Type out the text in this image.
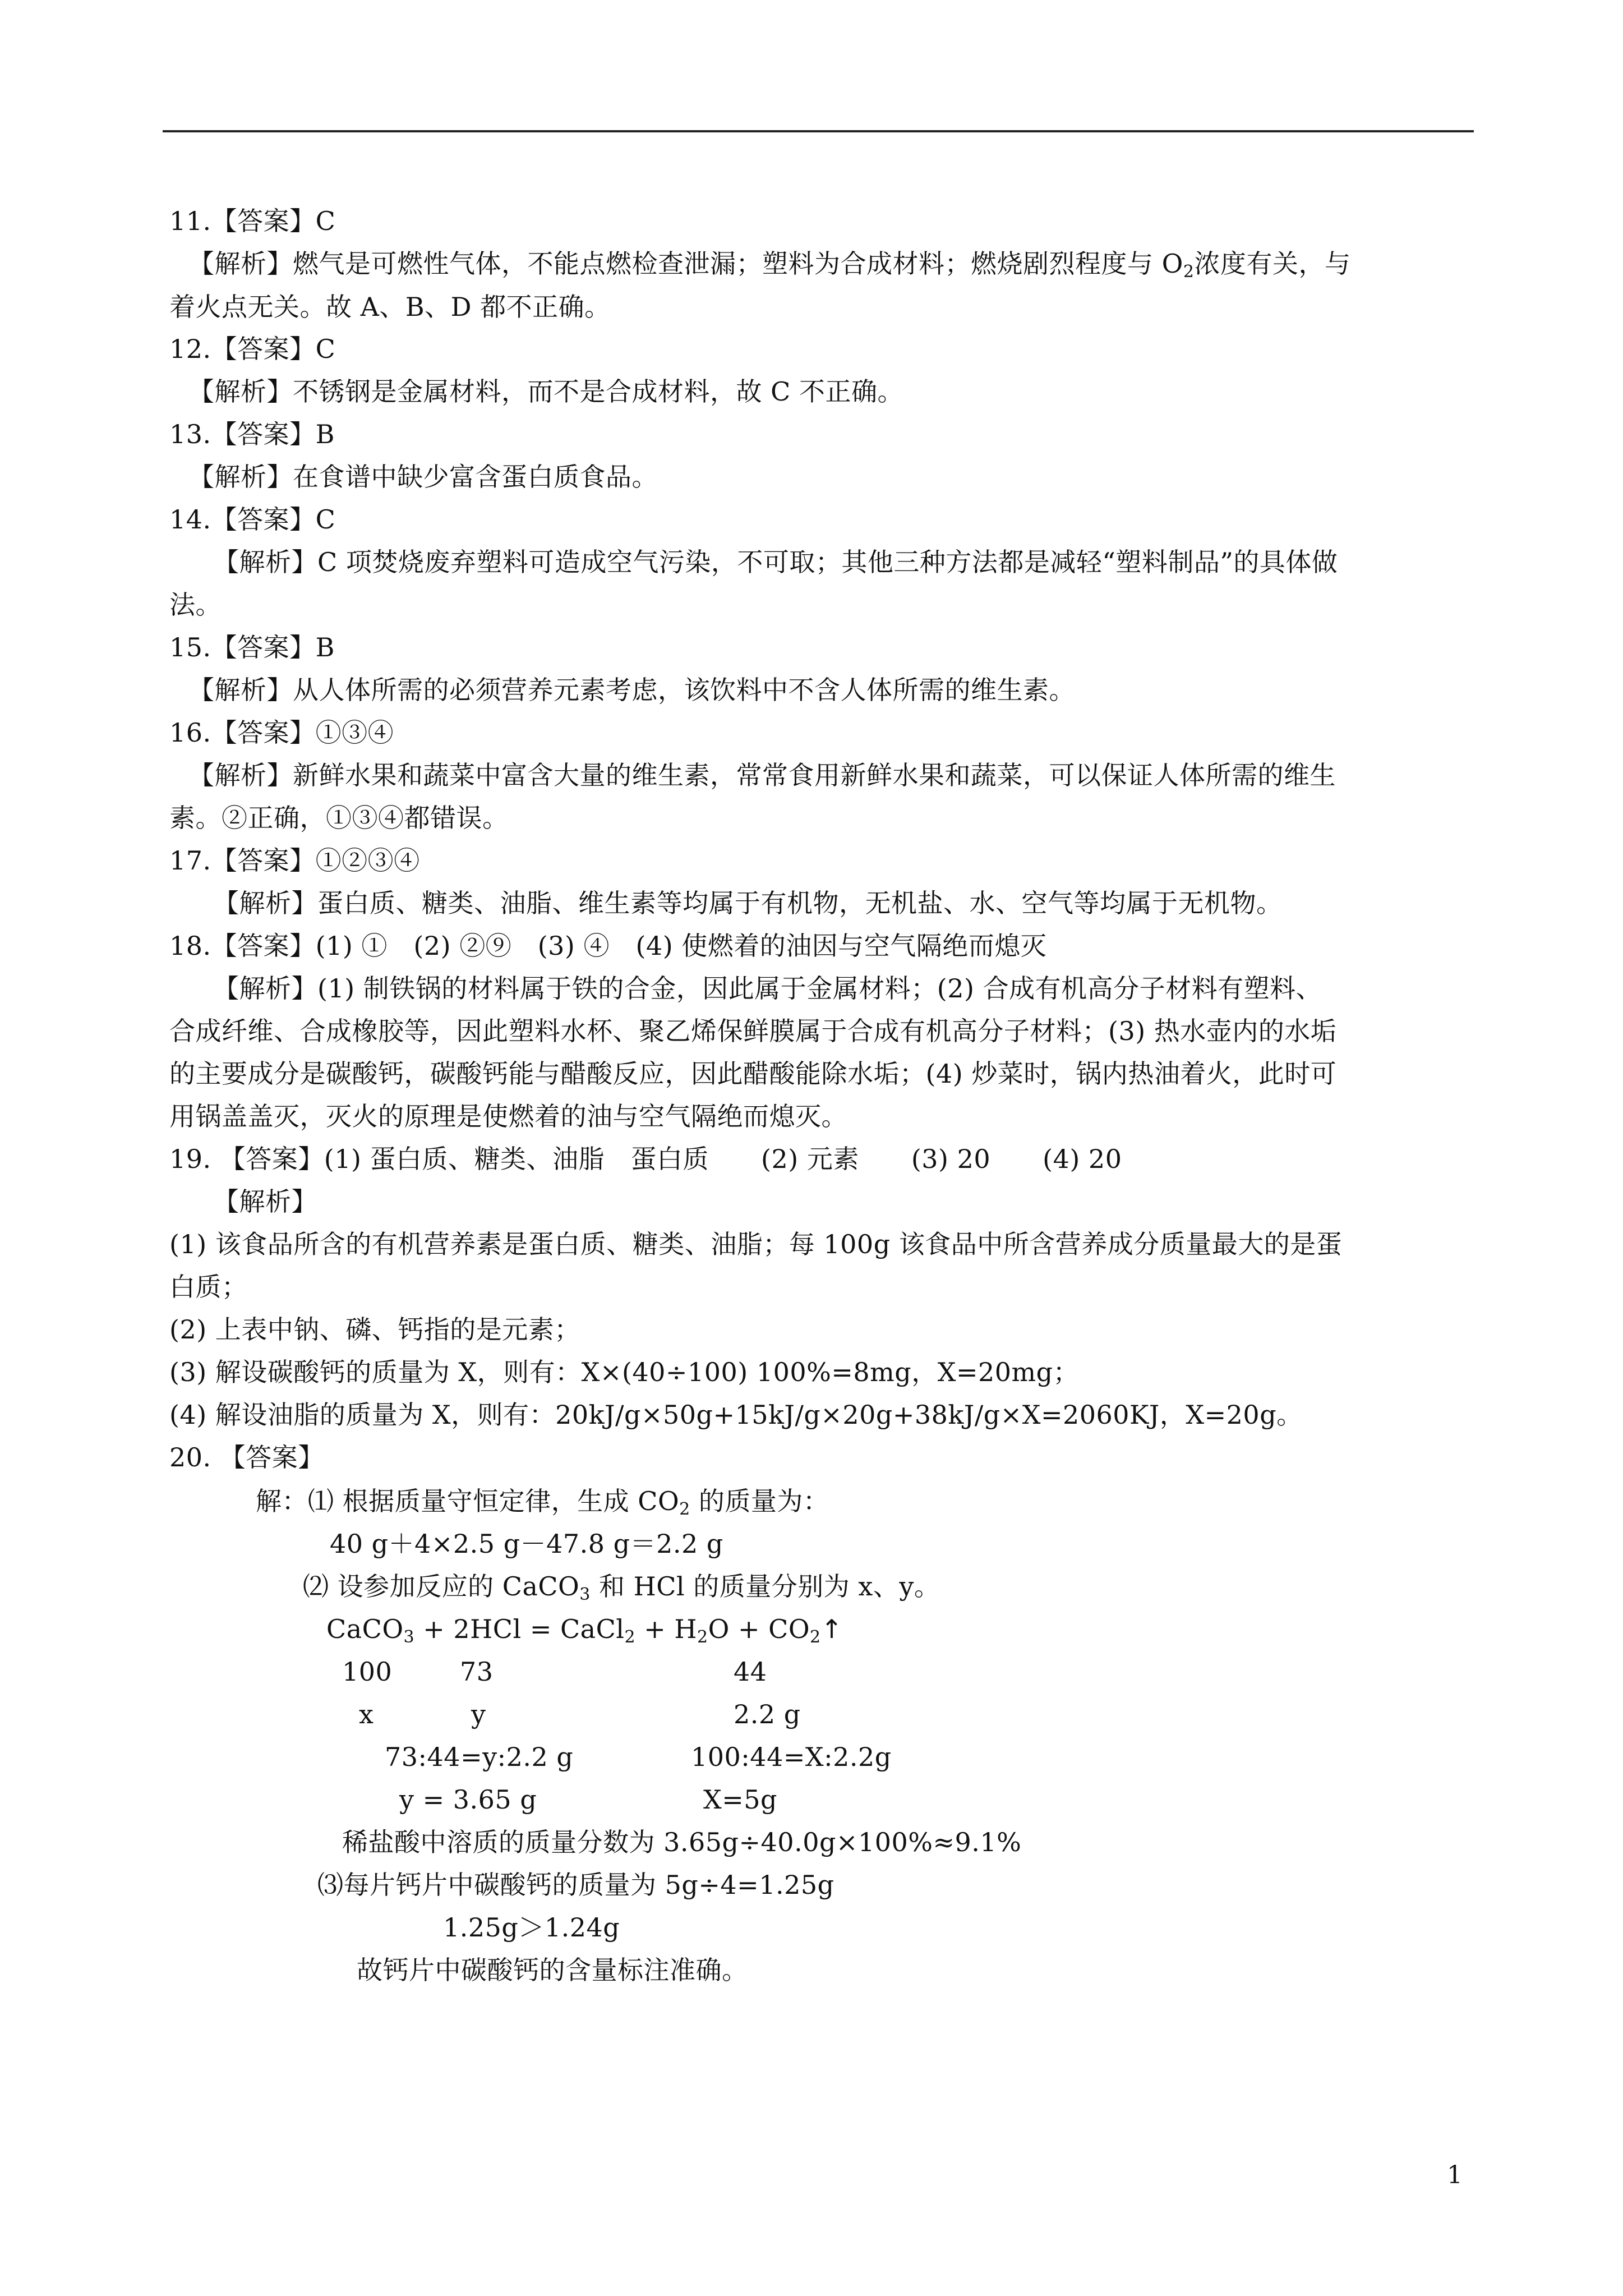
11.【答案】C
【解析】燃气是可燃性气体，不能点燃检查泄漏；塑料为合成材料；燃烧剧烈程度与 $O_2$浓度有关，与
着火点无关。故 A、B、D 都不正确。
12.【答案】C
【解析】不锈钢是金属材料，而不是合成材料，故 C 不正确。
13.【答案】B
【解析】在食谱中缺少富含蛋白质食品。
14.【答案】C
【解析】C 项焚烧废弃塑料可造成空气污染，不可取；其他三种方法都是减轻“塑料制品”的具体做
法。
15.【答案】B
【解析】从人体所需的必须营养元素考虑，该饮料中不含人体所需的维生素。
16.【答案】①③④
【解析】新鲜水果和蔬菜中富含大量的维生素，常常食用新鲜水果和蔬菜，可以保证人体所需的维生
素。②正确，①③④都错误。
17.【答案】①②③④
【解析】蛋白质、糖类、油脂、维生素等均属于有机物，无机盐、水、空气等均属于无机物。
18.【答案】(1) ①　(2) ②⑨　(3) ④　(4) 使燃着的油因与空气隔绝而熄灭
【解析】(1) 制铁锅的材料属于铁的合金，因此属于金属材料；(2) 合成有机高分子材料有塑料、
合成纤维、合成橡胶等，因此塑料水杯、聚乙烯保鲜膜属于合成有机高分子材料；(3) 热水壶内的水垢
的主要成分是碳酸钙，碳酸钙能与醋酸反应，因此醋酸能除水垢；(4) 炒菜时，锅内热油着火，此时可
用锅盖盖灭，灭火的原理是使燃着的油与空气隔绝而熄灭。
19. 【答案】(1) 蛋白质、糖类、油脂　蛋白质　　(2) 元素　　(3) 20　　(4) 20
【解析】
(1) 该食品所含的有机营养素是蛋白质、糖类、油脂；每 100g 该食品中所含营养成分质量最大的是蛋
白质；
(2) 上表中钠、磷、钙指的是元素；
(3) 解设碳酸钙的质量为 X，则有：X×(40÷100) 100%=8mg，X=20mg；
(4) 解设油脂的质量为 X，则有：20kJ/g×50g+15kJ/g×20g+38kJ/g×X=2060KJ，X=20g。
20. 【答案】
解：⑴ 根据质量守恒定律，生成 $CO_2$ 的质量为：
40 g＋4×2.5 g－47.8 g＝2.2 g
⑵ 设参加反应的 CaCO$_3$ 和 HCl 的质量分别为 x、y。
CaCO$_3$ + 2HCl = CaCl$_2$ + $H_2O$ + $CO_2↑$
100	73	44
x	y	2.2 g
73:44=y:2.2 g	100:44=X:2.2g
y = 3.65 g	X=5g
稀盐酸中溶质的质量分数为 3.65g÷40.0g×100%≈9.1%
⑶每片钙片中碳酸钙的质量为 5g÷4=1.25g
1.25g＞1.24g
故钙片中碳酸钙的含量标注准确。
1
